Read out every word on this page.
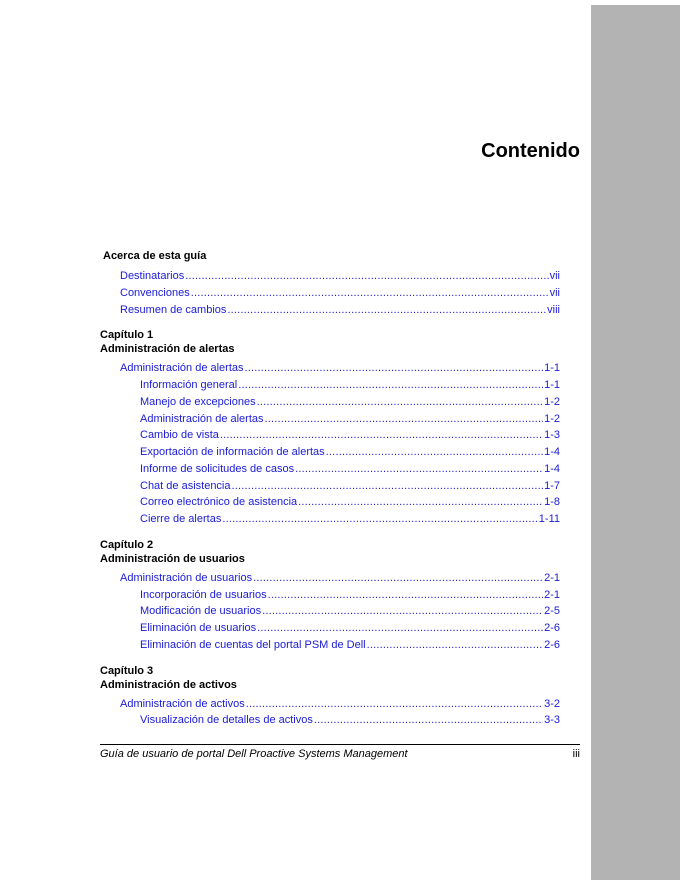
Contenido
Acerca de esta guía
Destinatarios .....	vii
Convenciones .....	vii
Resumen de cambios .....	viii
Capítulo 1
Administración de alertas
Administración de alertas .....	1-1
Información general .....	1-1
Manejo de excepciones .....	1-2
Administración de alertas .....	1-2
Cambio de vista .....	1-3
Exportación de información de alertas .....	1-4
Informe de solicitudes de casos .....	1-4
Chat de asistencia .....	1-7
Correo electrónico de asistencia .....	1-8
Cierre de alertas .....	1-11
Capítulo 2
Administración de usuarios
Administración de usuarios .....	2-1
Incorporación de usuarios .....	2-1
Modificación de usuarios .....	2-5
Eliminación de usuarios .....	2-6
Eliminación de cuentas del portal PSM de Dell .....	2-6
Capítulo 3
Administración de activos
Administración de activos .....	3-2
Visualización de detalles de activos .....	3-3
Guía de usuario de portal Dell Proactive Systems Management	iii
